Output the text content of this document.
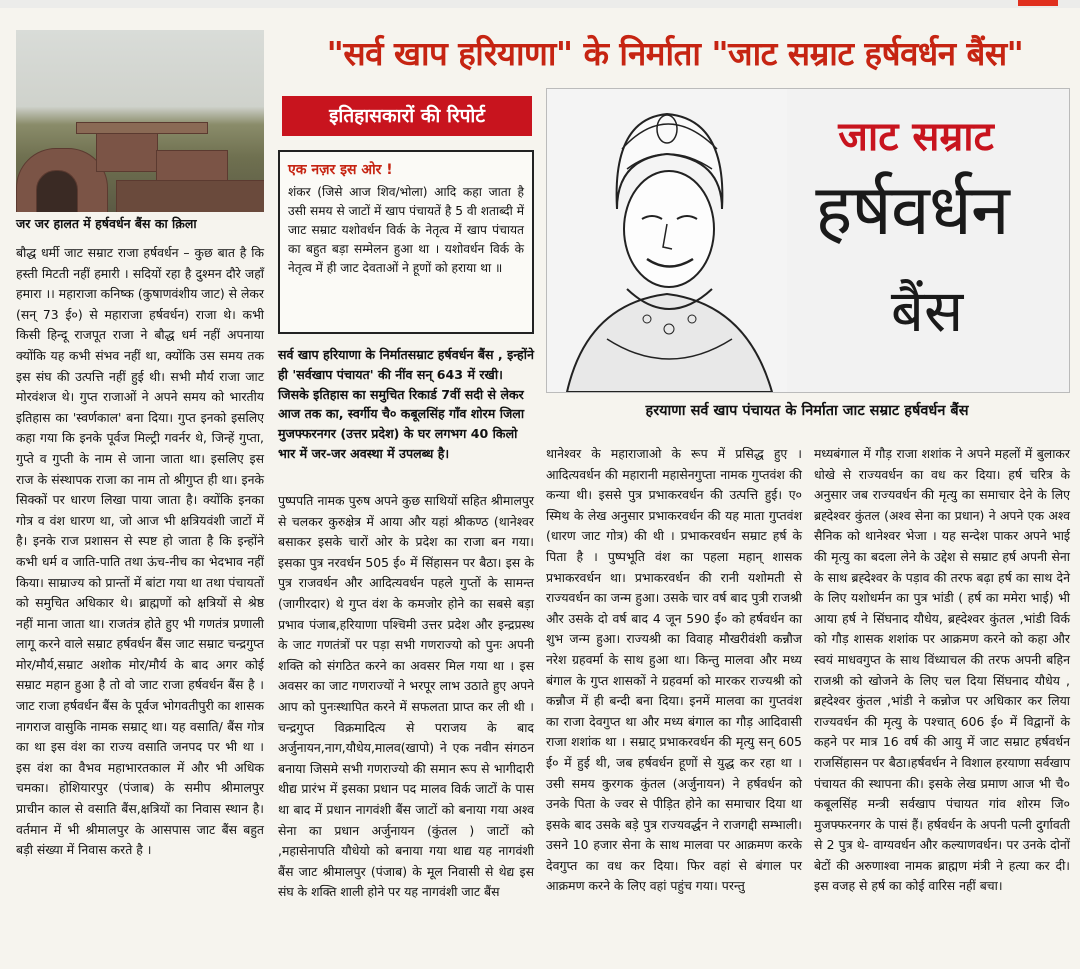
जर जर हालत में हर्षवर्धन बैंस का क़िला

बौद्ध धर्मी जाट सम्राट राजा हर्षवर्धन – कुछ बात है कि हस्ती मिटती नहीं हमारी । सदियों रहा है दुश्मन दौरे जहाँ हमारा ।। महाराजा कनिष्क (कुषाणवंशीय जाट) से लेकर (सन् 73 ई०) से महाराजा हर्षवर्धन) राजा थे। कभी किसी हिन्दू राजपूत राजा ने बौद्ध धर्म नहीं अपनाया क्योंकि यह कभी संभव नहीं था, क्योंकि उस समय तक इस संघ की उत्पत्ति नहीं हुई थी। सभी मौर्य राजा जाट मोरवंशज थे। गुप्त राजाओं ने अपने समय को भारतीय इतिहास का 'स्वर्णकाल' बना दिया। गुप्त इनको इसलिए कहा गया कि इनके पूर्वज मिल्ट्री गवर्नर थे, जिन्हें गुप्ता, गुप्ते व गुप्ती के नाम से जाना जाता था। इसलिए इस राज के संस्थापक राजा का नाम तो श्रीगुप्त ही था। इनके सिक्कों पर धारण लिखा पाया जाता है। क्योंकि इनका गोत्र व वंश धारण था, जो आज भी क्षत्रियवंशी जाटों में है। इनके राज प्रशासन से स्पष्ट हो जाता है कि इन्होंने कभी धर्म व जाति-पाति तथा ऊंच-नीच का भेदभाव नहीं किया। साम्राज्य को प्रान्तों में बांटा गया था तथा पंचायतों को समुचित अधिकार थे। ब्राह्मणों को क्षत्रियों से श्रेष्ठ नहीं माना जाता था। राजतंत्र होते हुए भी गणतंत्र प्रणाली लागू करने वाले सम्राट हर्षवर्धन बैंस जाट सम्राट चन्द्रगुप्त मोर/मौर्य,सम्राट अशोक मोर/मौर्य के बाद अगर कोई सम्राट महान हुआ है तो वो जाट राजा हर्षवर्धन बैंस है । जाट राजा हर्षवर्धन बैंस के पूर्वज भोगवतीपुरी का शासक नागराज वासुकि नामक सम्राट् था। यह वसाति/ बैंस गोत्र का था इस वंश का राज्य वसाति जनपद पर भी था । इस वंश का वैभव महाभारतकाल में और भी अधिक चमका। होशियारपुर (पंजाब) के समीप श्रीमालपुर प्राचीन काल से वसाति बैंस,क्षत्रियों का निवास स्थान है। वर्तमान में भी श्रीमालपुर के आसपास जाट बैंस बहुत बड़ी संख्या में निवास करते है ।

"सर्व खाप हरियाणा" के निर्माता "जाट सम्राट हर्षवर्धन बैंस"
इतिहासकारों की रिपोर्ट
एक नज़र इस ओर !
शंकर (जिसे आज शिव/भोला) आदि कहा जाता है उसी समय से जाटों में खाप पंचायतें है 5 वी शताब्दी में जाट सम्राट यशोवर्धन विर्क के नेतृत्व में खाप पंचायत का बहुत बड़ा सम्मेलन हुआ था । यशोवर्धन विर्क के नेतृत्व में ही जाट देवताओं ने हूणों को हराया था ॥

सर्व खाप हरियाणा के निर्मातसम्राट हर्षवर्धन बैंस , इन्होंने ही 'सर्वखाप पंचायत' की नींव सन् 643 में रखी। जिसके इतिहास का समुचित रिकार्ड 7वीं सदी से लेकर आज तक का, स्वर्गीय चै० कबूलसिंह गाँव शोरम जिला मुजफ्फरनगर (उत्तर प्रदेश) के घर लगभग 40 किलो भार में जर-जर अवस्था में उपलब्ध है।

जाट सम्राट
हर्षवर्धन
बैंस
हरयाणा सर्व खाप पंचायत के निर्माता जाट सम्राट हर्षवर्धन बैंस

पुष्पपति नामक पुरुष अपने कुछ साथियों सहित श्रीमालपुर से चलकर कुरुक्षेत्र में आया और यहां श्रीकण्ठ (थानेश्वर बसाकर इसके चारों ओर के प्रदेश का राजा बन गया। इसका पुत्र नरवर्धन 505 ई० में सिंहासन पर बैठा। इस के पुत्र राजवर्धन और आदित्यवर्धन पहले गुप्तों के सामन्त (जागीरदार) थे गुप्त वंश के कमजोर होने का सबसे बड़ा प्रभाव पंजाब,हरियाणा पश्चिमी उत्तर प्रदेश और इन्द्रप्रस्थ के जाट गणतंत्रों पर पड़ा सभी गणराज्यो को पुनः अपनी शक्ति को संगठित करने का अवसर मिल गया था । इस अवसर का जाट गणराज्यों ने भरपूर लाभ उठाते हुए अपने आप को पुनःस्थापित करने में सफलता प्राप्त कर ली थी । चन्द्रगुप्त विक्रमादित्य से पराजय के बाद अर्जुनायन,नाग,यौधेय,मालव(खापो) ने एक नवीन संगठन बनाया जिसमे सभी गणराज्यो की समान रूप से भागीदारी थीद्य प्रारंभ में इसका प्रधान पद मालव विर्क जाटों के पास था बाद में प्रधान नागवंशी बैंस जाटों को बनाया गया अश्व सेना का प्रधान अर्जुनायन (कुंतल ) जाटों को ,महासेनापति यौधेयो को बनाया गया थाद्य यह नागवंशी बैंस जाट श्रीमालपुर (पंजाब) के मूल निवासी से थेद्य इस संघ के शक्ति शाली होने पर यह नागवंशी जाट बैंस

थानेश्वर के महाराजाओ के रूप में प्रसिद्ध हुए । आदित्यवर्धन की महारानी महासेनगुप्ता नामक गुप्तवंश की कन्या थी। इससे पुत्र प्रभाकरवर्धन की उत्पत्ति हुई। ए० स्मिथ के लेख अनुसार प्रभाकरवर्धन की यह माता गुप्तवंश (धारण जाट गोत्र) की थी । प्रभाकरवर्धन सम्राट हर्ष के पिता है । पुष्पभूति वंश का पहला महान् शासक प्रभाकरवर्धन था। प्रभाकरवर्धन की रानी यशोमती से राज्यवर्धन का जन्म हुआ। उसके चार वर्ष बाद पुत्री राजश्री और उसके दो वर्ष बाद 4 जून 590 ई० को हर्षवर्धन का शुभ जन्म हुआ। राज्यश्री का विवाह मौखरीवंशी कन्नौज नरेश ग्रहवर्मा के साथ हुआ था। किन्तु मालवा और मध्य बंगाल के गुप्त शासकों ने ग्रहवर्मा को मारकर राज्यश्री को कन्नौज में ही बन्दी बना दिया। इनमें मालवा का गुप्तवंश का राजा देवगुप्त था और मध्य बंगाल का गौड़ आदिवासी राजा शशांक था । सम्राट् प्रभाकरवर्धन की मृत्यु सन् 605 ई० में हुई थी, जब हर्षवर्धन हूणों से युद्ध कर रहा था । उसी समय कुरगक कुंतल (अर्जुनायन) ने हर्षवर्धन को उनके पिता के ज्वर से पीड़ित होने का समाचार दिया था इसके बाद उसके बड़े पुत्र राज्यवर्द्धन ने राजगद्दी सम्भाली। उसने 10 हजार सेना के साथ मालवा पर आक्रमण करके देवगुप्त का वध कर दिया। फिर वहां से बंगाल पर आक्रमण करने के लिए वहां पहुंच गया। परन्तु

मध्यबंगाल में गौड़ राजा शशांक ने अपने महलों में बुलाकर धोखे से राज्यवर्धन का वध कर दिया। हर्ष चरित्र के अनुसार जब राज्यवर्धन की मृत्यु का समाचार देने के लिए ब्रह्देश्वर कुंतल (अश्व सेना का प्रधान) ने अपने एक अश्व सैनिक को थानेश्वर भेजा । यह सन्देश पाकर अपने भाई की मृत्यु का बदला लेने के उद्देश से सम्राट हर्ष अपनी सेना के साथ ब्रह्देश्वर के पड़ाव की तरफ बढ़ा हर्ष का साथ देने के लिए यशोधर्मन का पुत्र भांडी ( हर्ष का ममेरा भाई) भी आया हर्ष ने सिंघनाद यौधेय, ब्रह्देश्वर कुंतल ,भांडी विर्क को गौड़ शासक शशांक पर आक्रमण करने को कहा और स्वयं माधवगुप्त के साथ विंध्याचल की तरफ अपनी बहिन राजश्री को खोजने के लिए चल दिया सिंघनाद यौधेय , ब्रह्देश्वर कुंतल ,भांडी ने कन्नोज पर अधिकार कर लिया राज्यवर्धन की मृत्यु के पश्चात् 606 ई० में विद्वानों के कहने पर मात्र 16 वर्ष की आयु में जाट सम्राट हर्षवर्धन राजसिंहासन पर बैठा।हर्षवर्धन ने विशाल हरयाणा सर्वखाप पंचायत की स्थापना की। इसके लेख प्रमाण आज भी चै० कबूलसिंह मन्त्री सर्वखाप पंचायत गांव शोरम जि० मुजफ्फरनगर के पासं हैं। हर्षवर्धन के अपनी पत्नी दुर्गावती से 2 पुत्र थे- वाग्यवर्धन और कल्याणवर्धन। पर उनके दोनों बेटों की अरुणाश्वा नामक ब्राह्मण मंत्री ने हत्या कर दी। इस वजह से हर्ष का कोई वारिस नहीं बचा।
